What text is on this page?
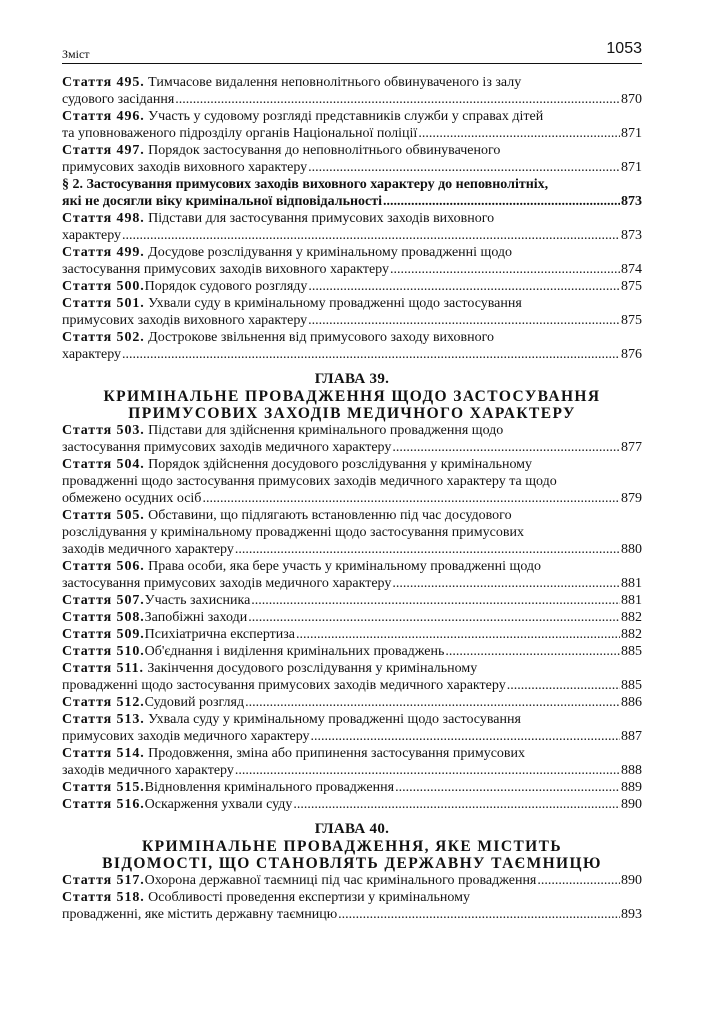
Зміст	1053
Стаття 495. Тимчасове видалення неповнолітнього обвинуваченого із залу
судового засідання .....	870
Стаття 496. Участь у судовому розгляді представників служби у справах дітей
та уповноваженого підрозділу органів Національної поліції .....	871
Стаття 497. Порядок застосування до неповнолітнього обвинуваченого
примусових заходів виховного характеру .....	871
§ 2. Застосування примусових заходів виховного характеру до неповнолітніх,
які не досягли віку кримінальної відповідальності .....	873
Стаття 498. Підстави для застосування примусових заходів виховного
характеру .....	873
Стаття 499. Досудове розслідування у кримінальному провадженні щодо
застосування примусових заходів виховного характеру .....	874
Стаття 500. Порядок судового розгляду .....	875
Стаття 501. Ухвали суду в кримінальному провадженні щодо застосування
примусових заходів виховного характеру .....	875
Стаття 502. Дострокове звільнення від примусового заходу виховного
характеру .....	876
ГЛАВА 39.
КРИМІНАЛЬНЕ ПРОВАДЖЕННЯ ЩОДО ЗАСТОСУВАННЯ
ПРИМУСОВИХ ЗАХОДІВ МЕДИЧНОГО ХАРАКТЕРУ
Стаття 503. Підстави для здійснення кримінального провадження щодо
застосування примусових заходів медичного характеру .....	877
Стаття 504. Порядок здійснення досудового розслідування у кримінальному
провадженні щодо застосування примусових заходів медичного характеру та щодо
обмежено осудних осіб .....	879
Стаття 505. Обставини, що підлягають встановленню під час досудового
розслідування у кримінальному провадженні щодо застосування примусових
заходів медичного характеру .....	880
Стаття 506. Права особи, яка бере участь у кримінальному провадженні щодо
застосування примусових заходів медичного характеру .....	881
Стаття 507. Участь захисника .....	881
Стаття 508. Запобіжні заходи .....	882
Стаття 509. Психіатрична експертиза .....	882
Стаття 510. Об'єднання і виділення кримінальних проваджень .....	885
Стаття 511. Закінчення досудового розслідування у кримінальному
провадженні щодо застосування примусових заходів медичного характеру .....	885
Стаття 512. Судовий розгляд .....	886
Стаття 513. Ухвала суду у кримінальному провадженні щодо застосування
примусових заходів медичного характеру .....	887
Стаття 514. Продовження, зміна або припинення застосування примусових
заходів медичного характеру .....	888
Стаття 515. Відновлення кримінального провадження .....	889
Стаття 516. Оскарження ухвали суду .....	890
ГЛАВА 40.
КРИМІНАЛЬНЕ ПРОВАДЖЕННЯ, ЯКЕ МІСТИТЬ
ВІДОМОСТІ, ЩО СТАНОВЛЯТЬ ДЕРЖАВНУ ТАЄМНИЦЮ
Стаття 517. Охорона державної таємниці під час кримінального провадження .....	890
Стаття 518. Особливості проведення експертизи у кримінальному
провадженні, яке містить державну таємницю .....	893
